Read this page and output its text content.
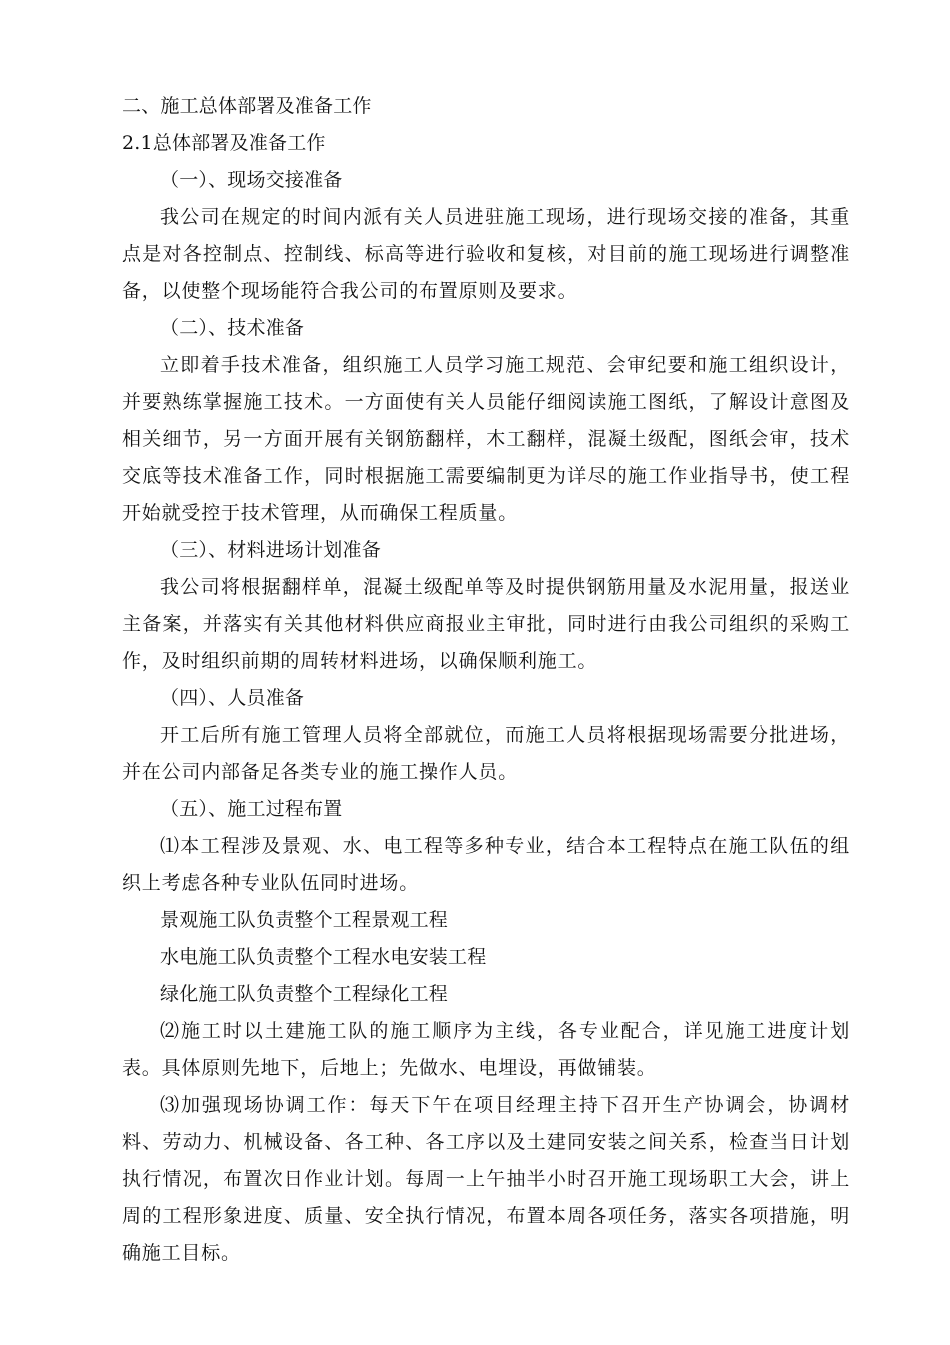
二、施工总体部署及准备工作
2.1总体部署及准备工作
（一）、现场交接准备
我公司在规定的时间内派有关人员进驻施工现场，进行现场交接的准备，其重点是对各控制点、控制线、标高等进行验收和复核，对目前的施工现场进行调整准备，以使整个现场能符合我公司的布置原则及要求。
（二）、技术准备
立即着手技术准备，组织施工人员学习施工规范、会审纪要和施工组织设计，并要熟练掌握施工技术。一方面使有关人员能仔细阅读施工图纸，了解设计意图及相关细节，另一方面开展有关钢筋翻样，木工翻样，混凝土级配，图纸会审，技术交底等技术准备工作，同时根据施工需要编制更为详尽的施工作业指导书，使工程开始就受控于技术管理，从而确保工程质量。
（三）、材料进场计划准备
我公司将根据翻样单，混凝土级配单等及时提供钢筋用量及水泥用量，报送业主备案，并落实有关其他材料供应商报业主审批，同时进行由我公司组织的采购工作，及时组织前期的周转材料进场，以确保顺利施工。
（四）、人员准备
开工后所有施工管理人员将全部就位，而施工人员将根据现场需要分批进场，并在公司内部备足各类专业的施工操作人员。
（五）、施工过程布置
⑴本工程涉及景观、水、电工程等多种专业，结合本工程特点在施工队伍的组织上考虑各种专业队伍同时进场。
景观施工队负责整个工程景观工程
水电施工队负责整个工程水电安装工程
绿化施工队负责整个工程绿化工程
⑵施工时以土建施工队的施工顺序为主线，各专业配合，详见施工进度计划表。具体原则先地下，后地上；先做水、电埋设，再做铺装。
⑶加强现场协调工作：每天下午在项目经理主持下召开生产协调会，协调材料、劳动力、机械设备、各工种、各工序以及土建同安装之间关系，检查当日计划执行情况，布置次日作业计划。每周一上午抽半小时召开施工现场职工大会，讲上周的工程形象进度、质量、安全执行情况，布置本周各项任务，落实各项措施，明确施工目标。
